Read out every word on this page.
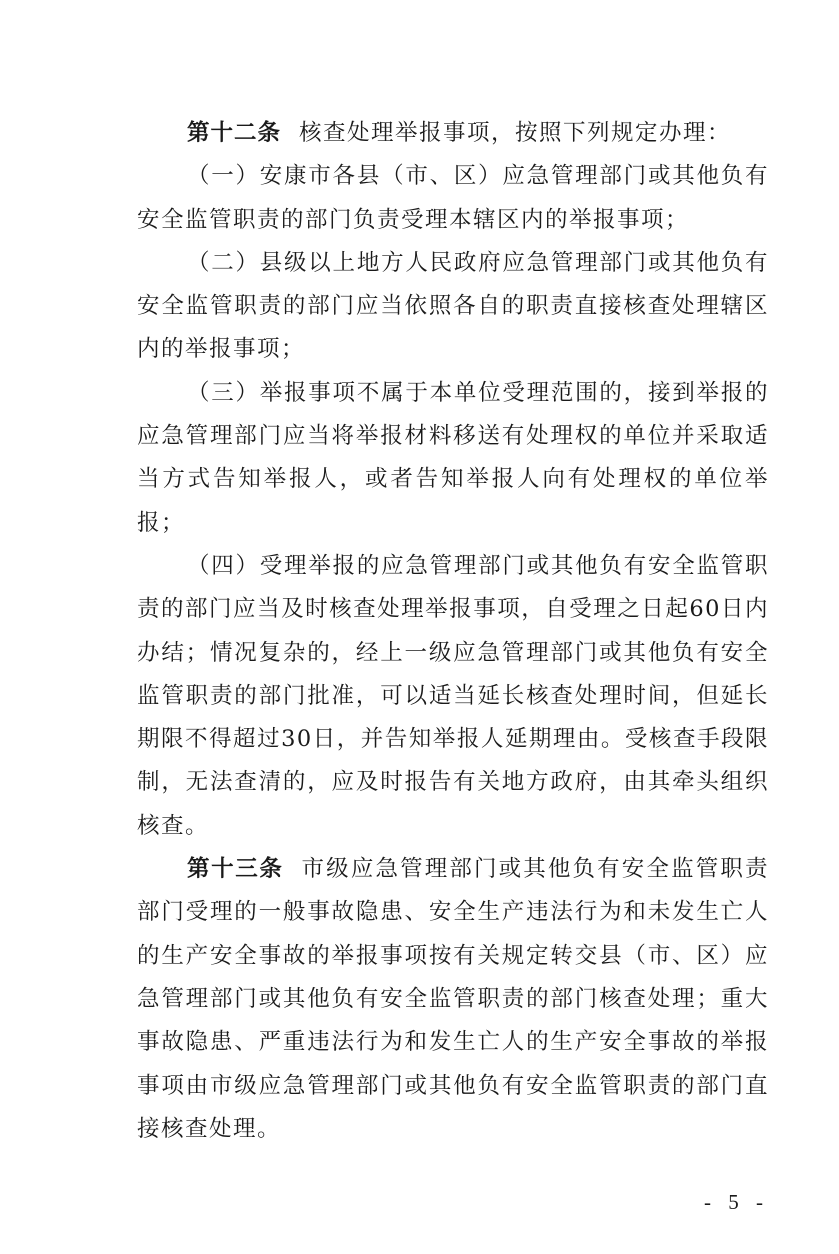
第十二条 核查处理举报事项，按照下列规定办理：

（一）安康市各县（市、区）应急管理部门或其他负有安全监管职责的部门负责受理本辖区内的举报事项；

（二）县级以上地方人民政府应急管理部门或其他负有安全监管职责的部门应当依照各自的职责直接核查处理辖区内的举报事项；

（三）举报事项不属于本单位受理范围的，接到举报的应急管理部门应当将举报材料移送有处理权的单位并采取适当方式告知举报人，或者告知举报人向有处理权的单位举报；

（四）受理举报的应急管理部门或其他负有安全监管职责的部门应当及时核查处理举报事项，自受理之日起60日内办结；情况复杂的，经上一级应急管理部门或其他负有安全监管职责的部门批准，可以适当延长核查处理时间，但延长期限不得超过30日，并告知举报人延期理由。受核查手段限制，无法查清的，应及时报告有关地方政府，由其牵头组织核查。

第十三条 市级应急管理部门或其他负有安全监管职责部门受理的一般事故隐患、安全生产违法行为和未发生亡人的生产安全事故的举报事项按有关规定转交县（市、区）应急管理部门或其他负有安全监管职责的部门核查处理；重大事故隐患、严重违法行为和发生亡人的生产安全事故的举报事项由市级应急管理部门或其他负有安全监管职责的部门直接核查处理。

- 5 -
